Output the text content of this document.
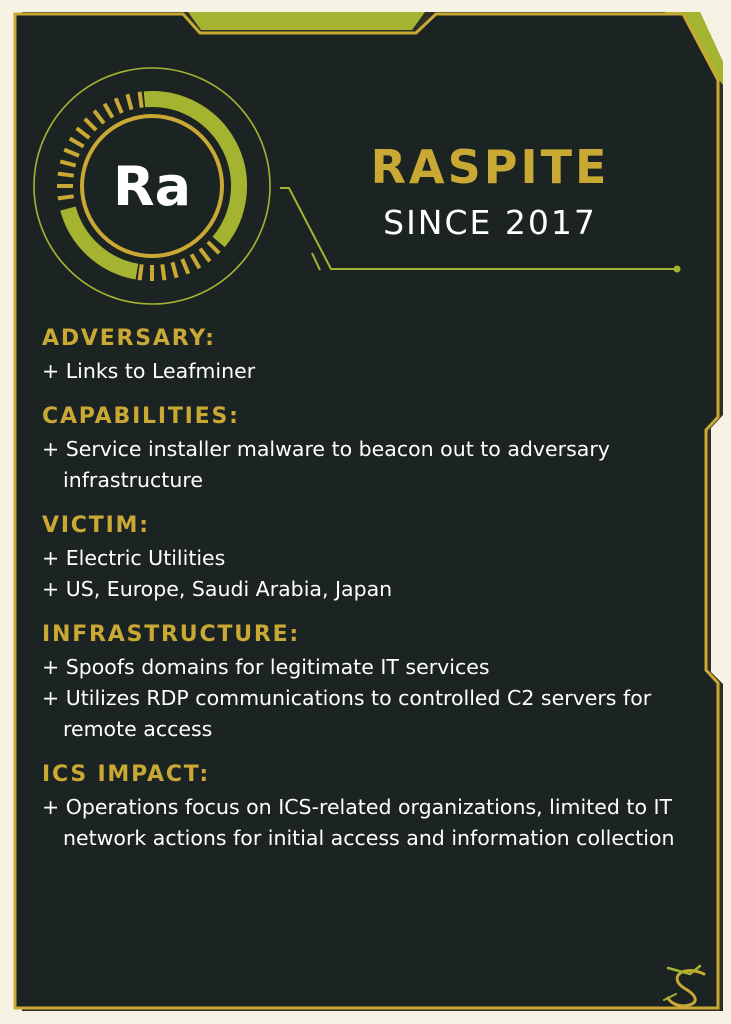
Ra	RASPITE
SINCE 2017
ADVERSARY:
+ Links to Leafminer
CAPABILITIES:
+ Service installer malware to beacon out to adversary infrastructure
VICTIM:
+ Electric Utilities
+ US, Europe, Saudi Arabia, Japan
INFRASTRUCTURE:
+ Spoofs domains for legitimate IT services
+ Utilizes RDP communications to controlled C2 servers for remote access
ICS IMPACT:
+ Operations focus on ICS-related organizations, limited to IT network actions for initial access and information collection
